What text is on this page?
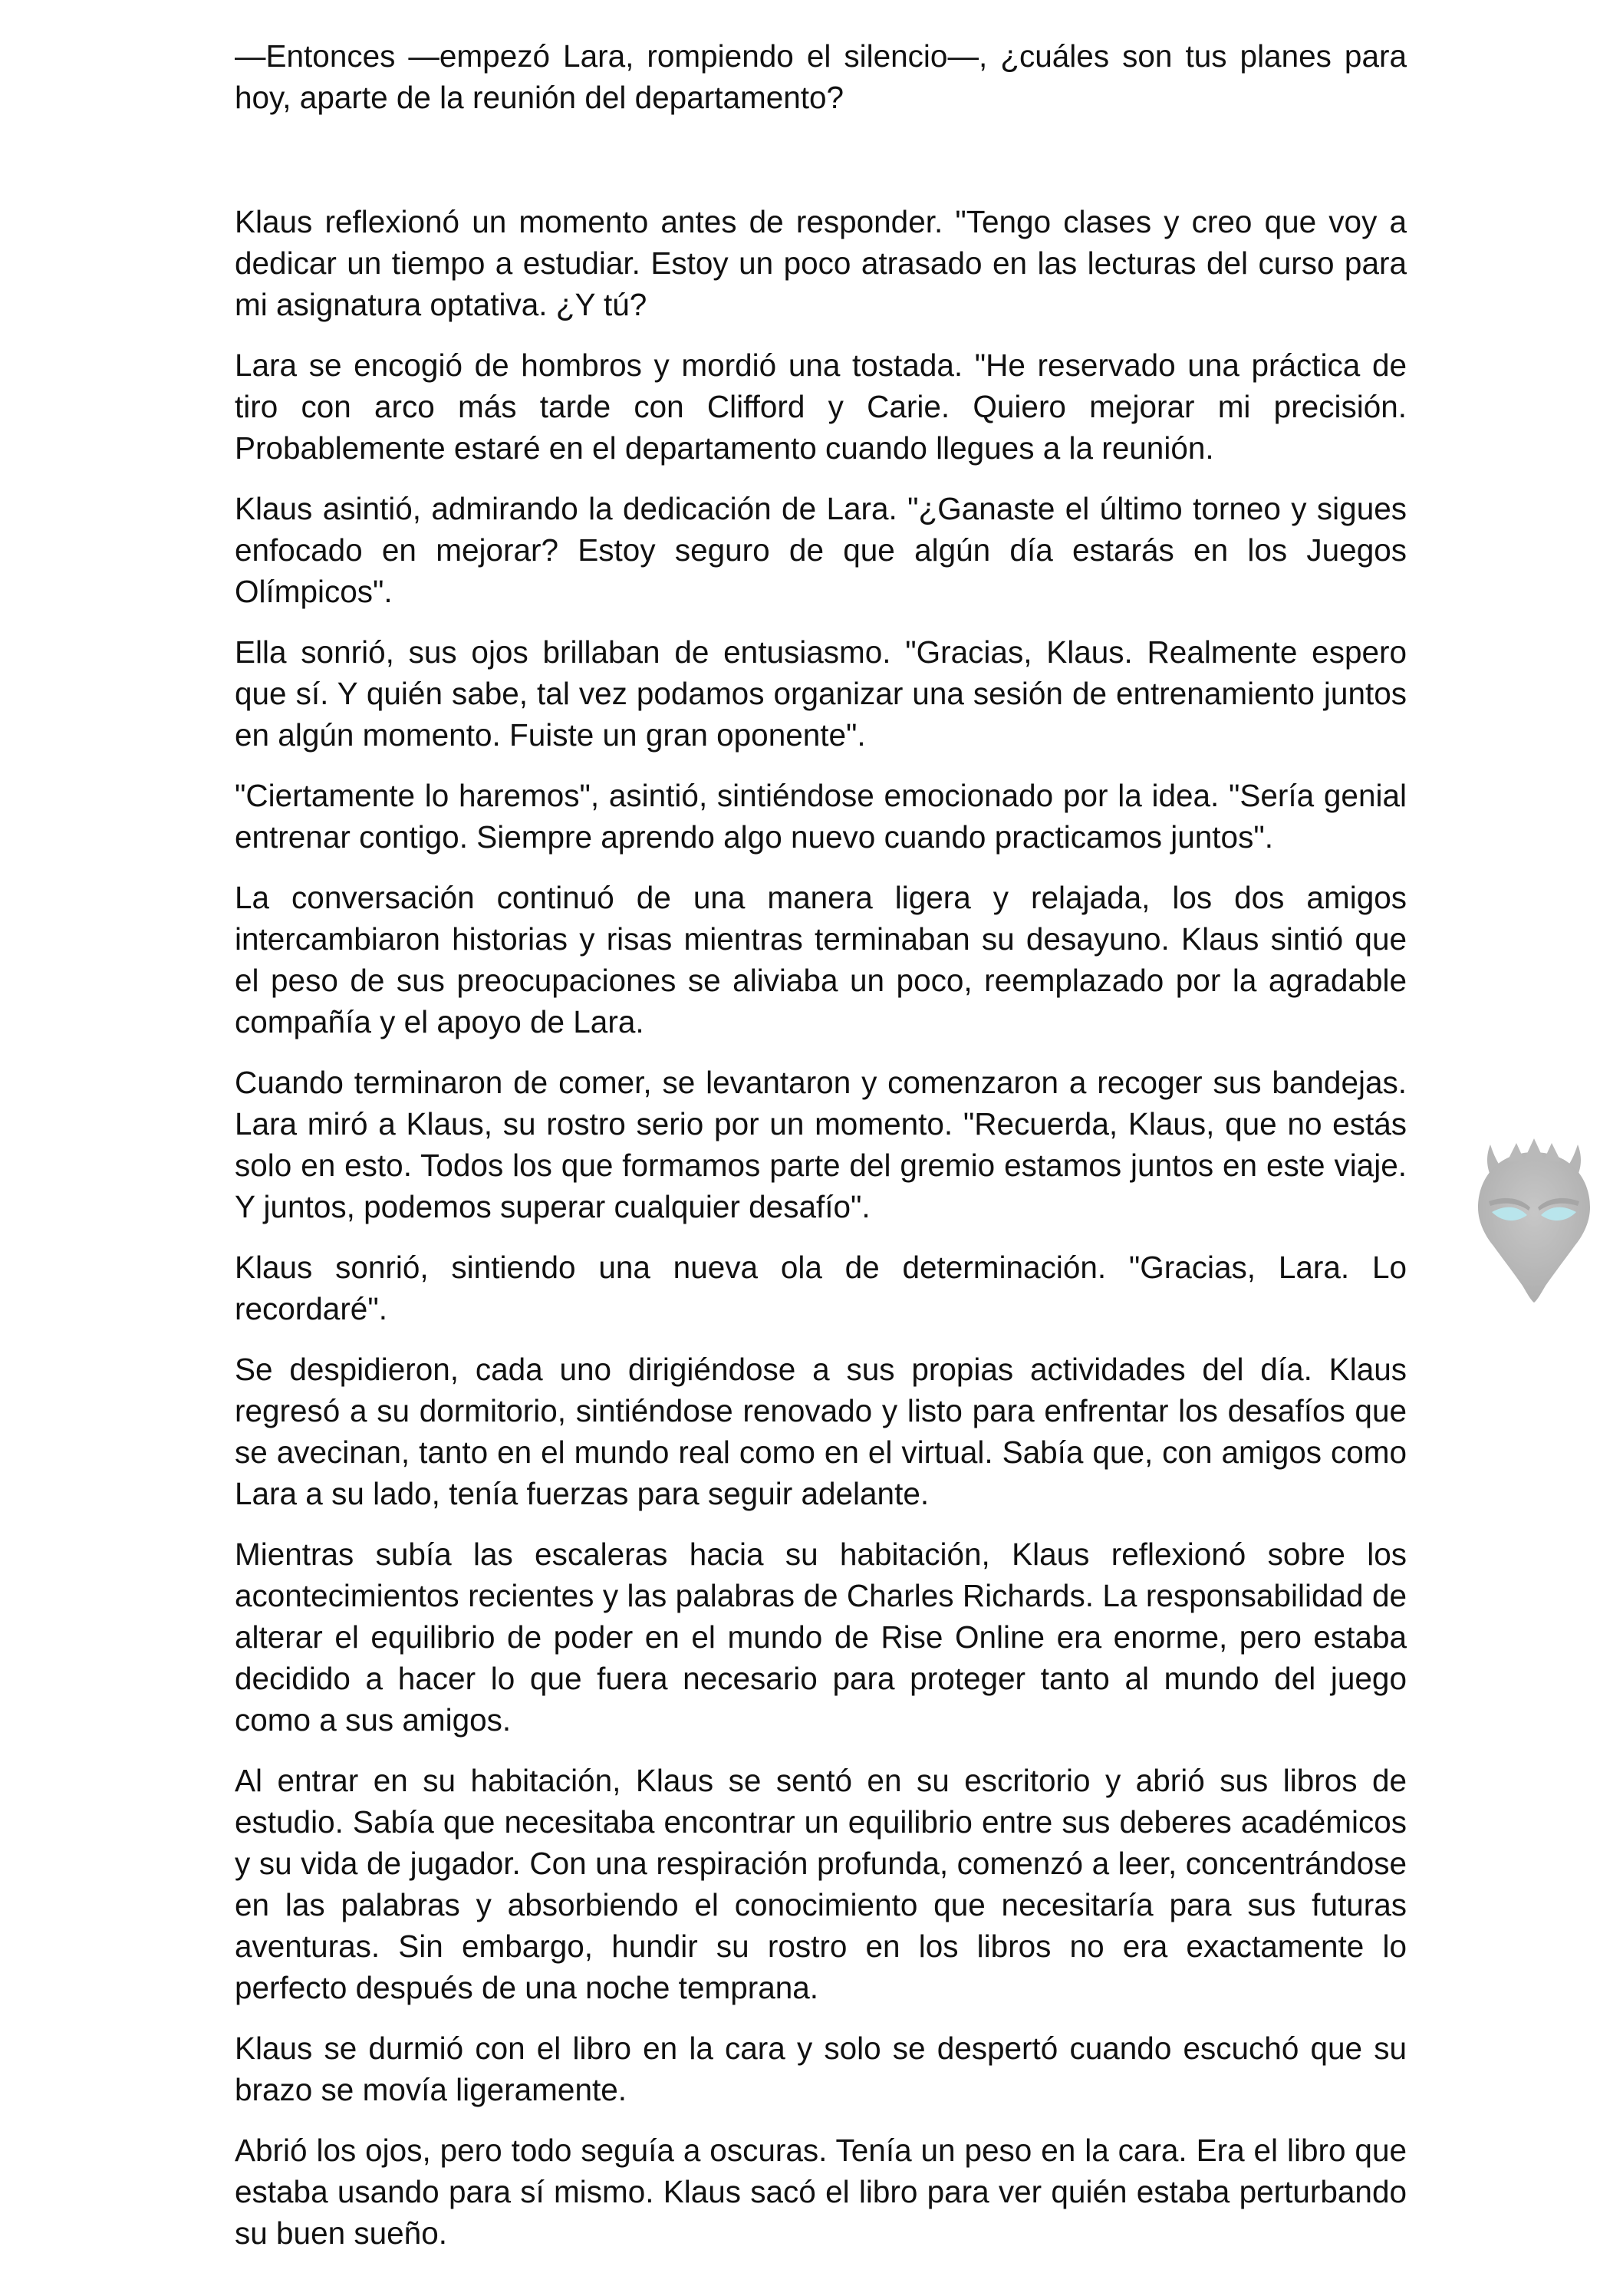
—Entonces —empezó Lara, rompiendo el silencio—, ¿cuáles son tus planes para hoy, aparte de la reunión del departamento?

Klaus reflexionó un momento antes de responder. "Tengo clases y creo que voy a dedicar un tiempo a estudiar. Estoy un poco atrasado en las lecturas del curso para mi asignatura optativa. ¿Y tú?

Lara se encogió de hombros y mordió una tostada. "He reservado una práctica de tiro con arco más tarde con Clifford y Carie. Quiero mejorar mi precisión. Probablemente estaré en el departamento cuando llegues a la reunión.

Klaus asintió, admirando la dedicación de Lara. "¿Ganaste el último torneo y sigues enfocado en mejorar? Estoy seguro de que algún día estarás en los Juegos Olímpicos".

Ella sonrió, sus ojos brillaban de entusiasmo. "Gracias, Klaus. Realmente espero que sí. Y quién sabe, tal vez podamos organizar una sesión de entrenamiento juntos en algún momento. Fuiste un gran oponente".

"Ciertamente lo haremos", asintió, sintiéndose emocionado por la idea. "Sería genial entrenar contigo. Siempre aprendo algo nuevo cuando practicamos juntos".

La conversación continuó de una manera ligera y relajada, los dos amigos intercambiaron historias y risas mientras terminaban su desayuno. Klaus sintió que el peso de sus preocupaciones se aliviaba un poco, reemplazado por la agradable compañía y el apoyo de Lara.

Cuando terminaron de comer, se levantaron y comenzaron a recoger sus bandejas. Lara miró a Klaus, su rostro serio por un momento. "Recuerda, Klaus, que no estás solo en esto. Todos los que formamos parte del gremio estamos juntos en este viaje. Y juntos, podemos superar cualquier desafío".

Klaus sonrió, sintiendo una nueva ola de determinación. "Gracias, Lara. Lo recordaré".

Se despidieron, cada uno dirigiéndose a sus propias actividades del día. Klaus regresó a su dormitorio, sintiéndose renovado y listo para enfrentar los desafíos que se avecinan, tanto en el mundo real como en el virtual. Sabía que, con amigos como Lara a su lado, tenía fuerzas para seguir adelante.

Mientras subía las escaleras hacia su habitación, Klaus reflexionó sobre los acontecimientos recientes y las palabras de Charles Richards. La responsabilidad de alterar el equilibrio de poder en el mundo de Rise Online era enorme, pero estaba decidido a hacer lo que fuera necesario para proteger tanto al mundo del juego como a sus amigos.

Al entrar en su habitación, Klaus se sentó en su escritorio y abrió sus libros de estudio. Sabía que necesitaba encontrar un equilibrio entre sus deberes académicos y su vida de jugador. Con una respiración profunda, comenzó a leer, concentrándose en las palabras y absorbiendo el conocimiento que necesitaría para sus futuras aventuras. Sin embargo, hundir su rostro en los libros no era exactamente lo perfecto después de una noche temprana.

Klaus se durmió con el libro en la cara y solo se despertó cuando escuchó que su brazo se movía ligeramente.

Abrió los ojos, pero todo seguía a oscuras. Tenía un peso en la cara. Era el libro que estaba usando para sí mismo. Klaus sacó el libro para ver quién estaba perturbando su buen sueño.
